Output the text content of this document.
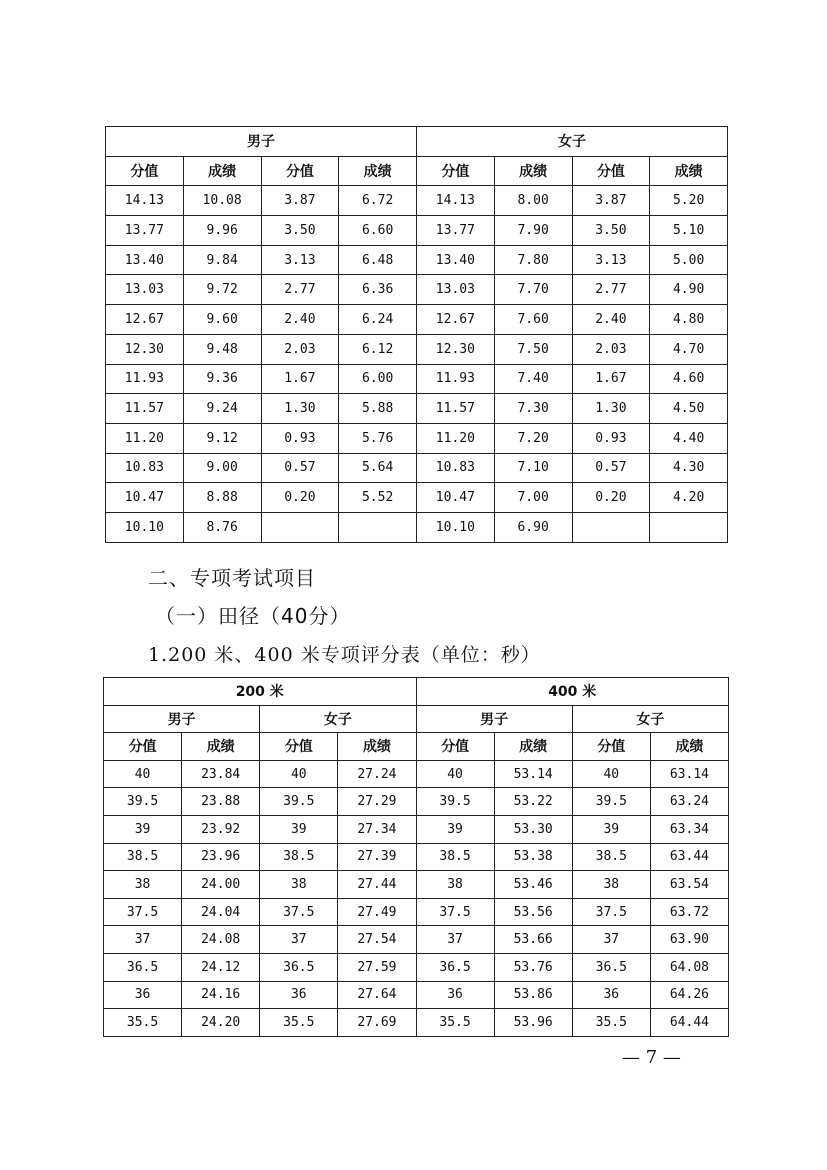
男子				女子			
分值	成绩	分值	成绩	分值	成绩	分值	成绩
14.13	10.08	3.87	6.72	14.13	8.00	3.87	5.20
13.77	9.96	3.50	6.60	13.77	7.90	3.50	5.10
13.40	9.84	3.13	6.48	13.40	7.80	3.13	5.00
13.03	9.72	2.77	6.36	13.03	7.70	2.77	4.90
12.67	9.60	2.40	6.24	12.67	7.60	2.40	4.80
12.30	9.48	2.03	6.12	12.30	7.50	2.03	4.70
11.93	9.36	1.67	6.00	11.93	7.40	1.67	4.60
11.57	9.24	1.30	5.88	11.57	7.30	1.30	4.50
11.20	9.12	0.93	5.76	11.20	7.20	0.93	4.40
10.83	9.00	0.57	5.64	10.83	7.10	0.57	4.30
10.47	8.88	0.20	5.52	10.47	7.00	0.20	4.20
10.10	8.76			10.10	6.90		
二、专项考试项目
（一）田径（40分）
1.200 米、400 米专项评分表（单位：秒）
200 米				400 米			
男子		女子		男子		女子	
分值	成绩	分值	成绩	分值	成绩	分值	成绩
40	23.84	40	27.24	40	53.14	40	63.14
39.5	23.88	39.5	27.29	39.5	53.22	39.5	63.24
39	23.92	39	27.34	39	53.30	39	63.34
38.5	23.96	38.5	27.39	38.5	53.38	38.5	63.44
38	24.00	38	27.44	38	53.46	38	63.54
37.5	24.04	37.5	27.49	37.5	53.56	37.5	63.72
37	24.08	37	27.54	37	53.66	37	63.90
36.5	24.12	36.5	27.59	36.5	53.76	36.5	64.08
36	24.16	36	27.64	36	53.86	36	64.26
35.5	24.20	35.5	27.69	35.5	53.96	35.5	64.44
— 7 —
